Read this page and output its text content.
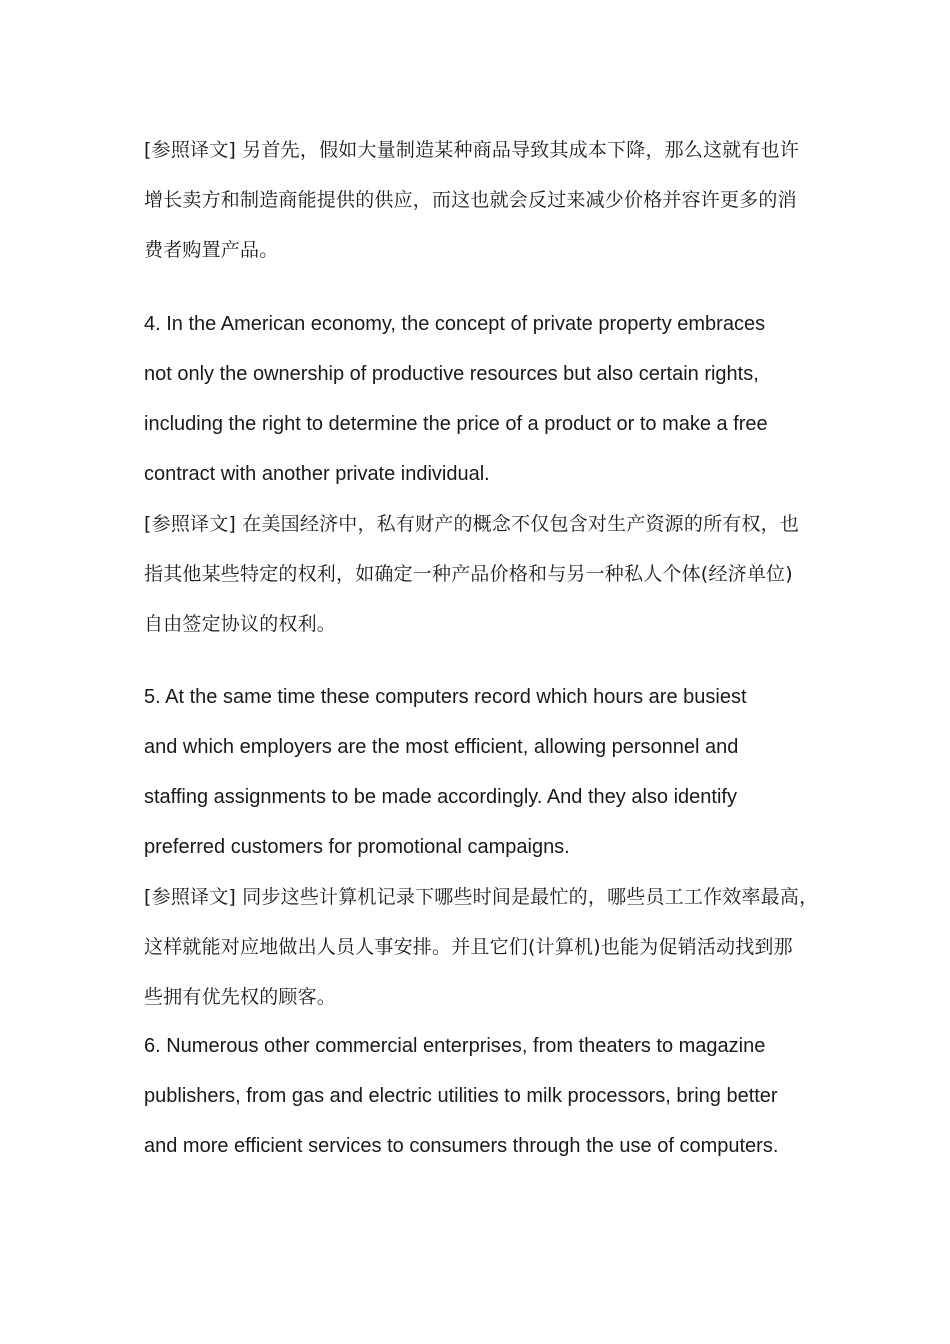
[参照译文] 另首先，假如大量制造某种商品导致其成本下降，那么这就有也许
增长卖方和制造商能提供的供应，而这也就会反过来减少价格并容许更多的消
费者购置产品。
4. In the American economy, the concept of private property embraces
not only the ownership of productive resources but also certain rights,
including the right to determine the price of a product or to make a free
contract with another private individual.
[参照译文] 在美国经济中，私有财产的概念不仅包含对生产资源的所有权，也
指其他某些特定的权利，如确定一种产品价格和与另一种私人个体(经济单位)
自由签定协议的权利。
5. At the same time these computers record which hours are busiest
and which employers are the most efficient, allowing personnel and
staffing assignments to be made accordingly. And they also identify
preferred customers for promotional campaigns.
[参照译文] 同步这些计算机记录下哪些时间是最忙的，哪些员工工作效率最高，
这样就能对应地做出人员人事安排。并且它们(计算机)也能为促销活动找到那
些拥有优先权的顾客。
6. Numerous other commercial enterprises, from theaters to magazine
publishers, from gas and electric utilities to milk processors, bring better
and more efficient services to consumers through the use of computers.
